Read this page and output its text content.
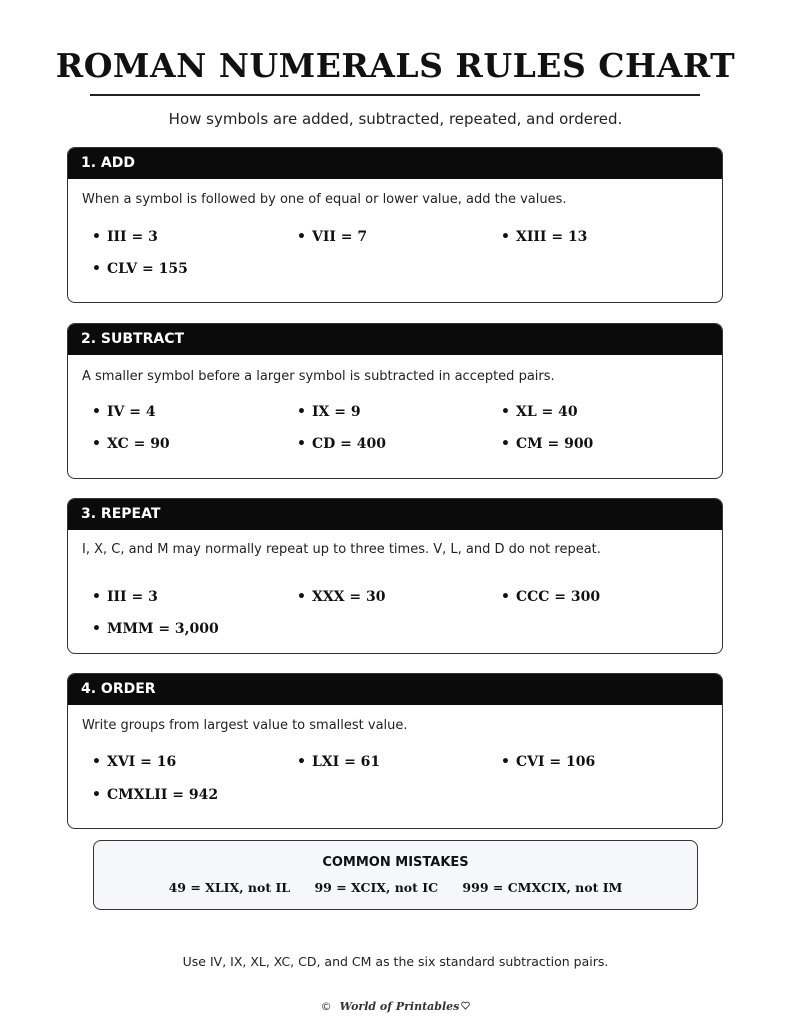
ROMAN NUMERALS RULES CHART
How symbols are added, subtracted, repeated, and ordered.
1. ADD
When a symbol is followed by one of equal or lower value, add the values.
• III = 3	• VII = 7	• XIII = 13
• CLV = 155
2. SUBTRACT
A smaller symbol before a larger symbol is subtracted in accepted pairs.
• IV = 4	• IX = 9	• XL = 40
• XC = 90	• CD = 400	• CM = 900
3. REPEAT
I, X, C, and M may normally repeat up to three times. V, L, and D do not repeat.
• III = 3	• XXX = 30	• CCC = 300
• MMM = 3,000
4. ORDER
Write groups from largest value to smallest value.
• XVI = 16	• LXI = 61	• CVI = 106
• CMXLII = 942
COMMON MISTAKES
49 = XLIX, not IL 99 = XCIX, not IC 999 = CMXCIX, not IM
Use IV, IX, XL, XC, CD, and CM as the six standard subtraction pairs.
© World of Printables
